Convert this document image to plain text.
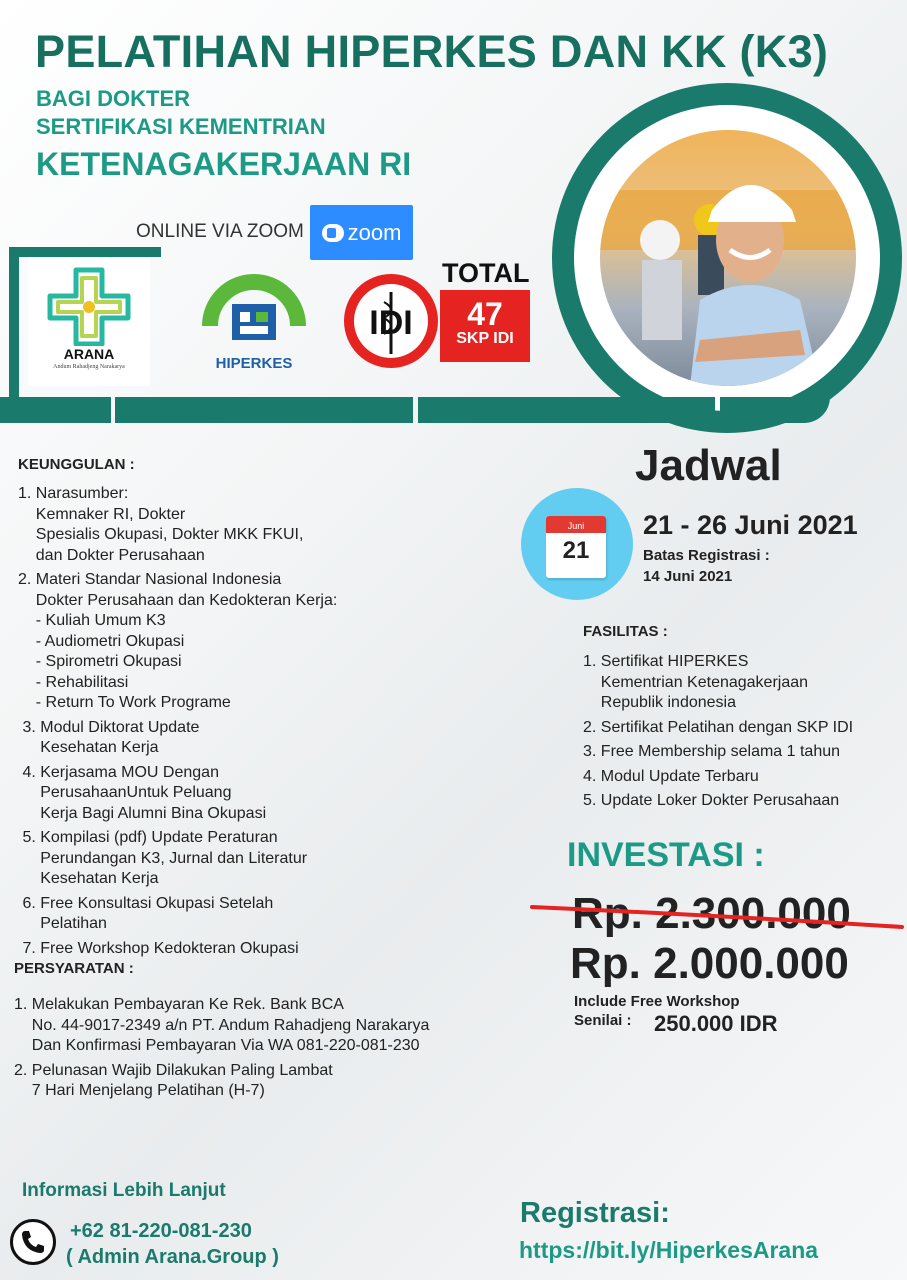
PELATIHAN HIPERKES DAN KK (K3)
BAGI DOKTER
SERTIFIKASI KEMENTRIAN
KETENAGAKERJAAN RI
ONLINE VIA ZOOM zoom
ARANA
Andum Rahadjeng Narakarya	HIPERKES
IDI
TOTAL
47
SKP IDI
KEUNGGULAN :
1. Narasumber:
Kemnaker RI, Dokter
Spesialis Okupasi, Dokter MKK FKUI,
dan Dokter Perusahaan
2. Materi Standar Nasional Indonesia
Dokter Perusahaan dan Kedokteran Kerja:
- Kuliah Umum K3
- Audiometri Okupasi
- Spirometri Okupasi
- Rehabilitasi
- Return To Work Programe
3. Modul Diktorat Update
Kesehatan Kerja
4. Kerjasama MOU Dengan
PerusahaanUntuk Peluang
Kerja Bagi Alumni Bina Okupasi
5. Kompilasi (pdf) Update Peraturan
Perundangan K3, Jurnal dan Literatur
Kesehatan Kerja
6. Free Konsultasi Okupasi Setelah
Pelatihan
7. Free Workshop Kedokteran Okupasi
PERSYARATAN :
1. Melakukan Pembayaran Ke Rek. Bank BCA
No. 44-9017-2349 a/n PT. Andum Rahadjeng Narakarya
Dan Konfirmasi Pembayaran Via WA 081-220-081-230
2. Pelunasan Wajib Dilakukan Paling Lambat
7 Hari Menjelang Pelatihan (H-7)
Jadwal
Juni
21
21 - 26 Juni 2021
Batas Registrasi :
14 Juni 2021
FASILITAS :
1. Sertifikat HIPERKES
Kementrian Ketenagakerjaan
Republik indonesia
2. Sertifikat Pelatihan dengan SKP IDI
3. Free Membership selama 1 tahun
4. Modul Update Terbaru
5. Update Loker Dokter Perusahaan
INVESTASI :
Rp. 2.300.000
Rp. 2.000.000
Include Free Workshop
Senilai : 250.000 IDR
Informasi Lebih Lanjut
+62 81-220-081-230
( Admin Arana.Group )
Registrasi:
https://bit.ly/HiperkesArana
